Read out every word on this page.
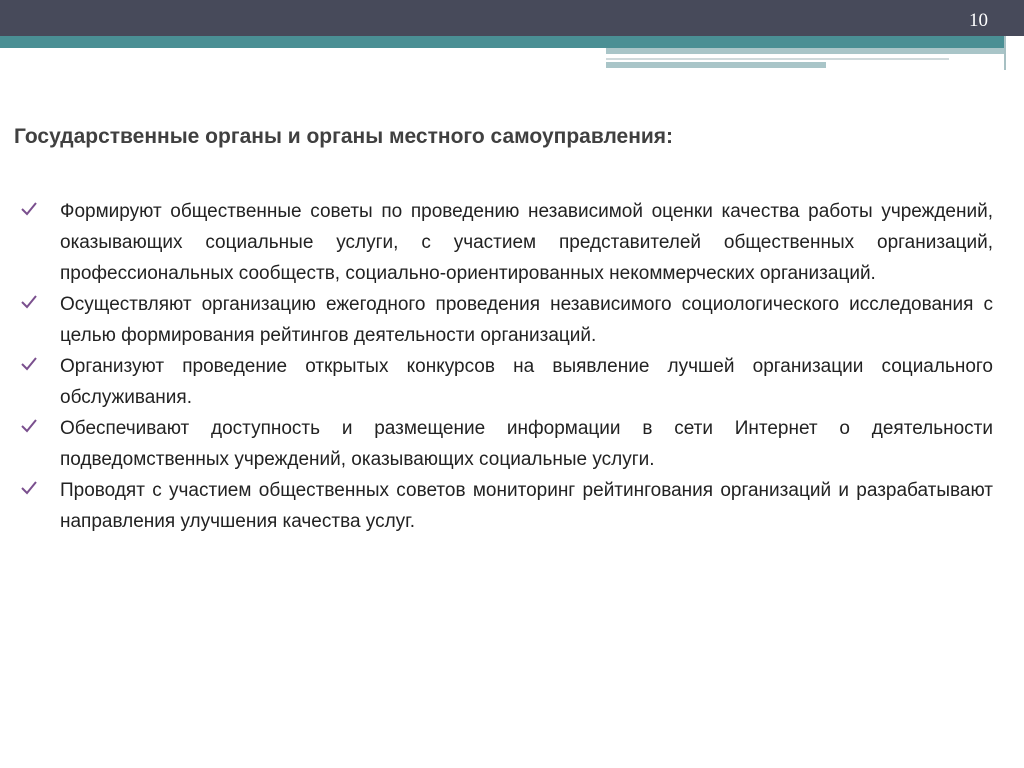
10
Государственные органы и органы местного самоуправления:
Формируют общественные советы по проведению независимой оценки качества работы учреждений, оказывающих социальные услуги, с участием представителей общественных организаций, профессиональных сообществ, социально-ориентированных некоммерческих организаций.
Осуществляют организацию ежегодного проведения независимого социологического исследования с целью формирования рейтингов деятельности организаций.
Организуют проведение открытых конкурсов на выявление лучшей организации социального обслуживания.
Обеспечивают доступность и размещение информации в сети Интернет о деятельности подведомственных учреждений, оказывающих социальные услуги.
Проводят с участием общественных советов мониторинг рейтингования организаций и разрабатывают направления улучшения качества услуг.
